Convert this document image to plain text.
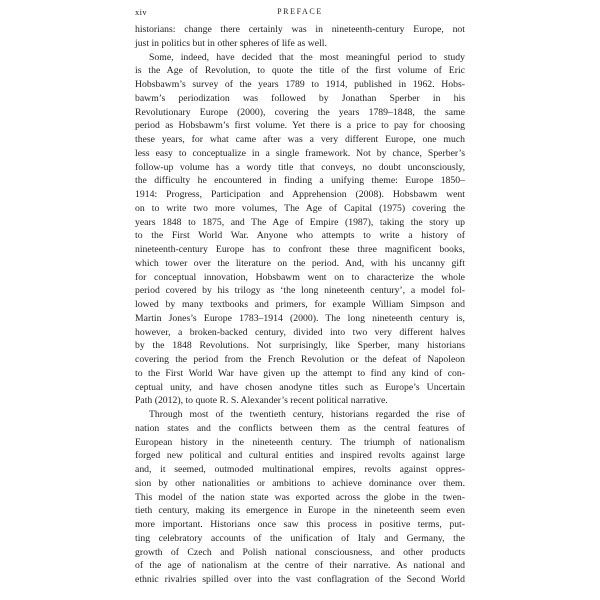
xiv	PREFACE
historians: change there certainly was in nineteenth-century Europe, not
just in politics but in other spheres of life as well.
Some, indeed, have decided that the most meaningful period to study
is the Age of Revolution, to quote the title of the first volume of Eric
Hobsbawm’s survey of the years 1789 to 1914, published in 1962. Hobs-
bawm’s periodization was followed by Jonathan Sperber in his
Revolutionary Europe (2000), covering the years 1789–1848, the same
period as Hobsbawm’s first volume. Yet there is a price to pay for choosing
these years, for what came after was a very different Europe, one much
less easy to conceptualize in a single framework. Not by chance, Sperber’s
follow-up volume has a wordy title that conveys, no doubt unconsciously,
the difficulty he encountered in finding a unifying theme: Europe 1850–
1914: Progress, Participation and Apprehension (2008). Hobsbawm went
on to write two more volumes, The Age of Capital (1975) covering the
years 1848 to 1875, and The Age of Empire (1987), taking the story up
to the First World War. Anyone who attempts to write a history of
nineteenth-century Europe has to confront these three magnificent books,
which tower over the literature on the period. And, with his uncanny gift
for conceptual innovation, Hobsbawm went on to characterize the whole
period covered by his trilogy as ‘the long nineteenth century’, a model fol-
lowed by many textbooks and primers, for example William Simpson and
Martin Jones’s Europe 1783–1914 (2000). The long nineteenth century is,
however, a broken-backed century, divided into two very different halves
by the 1848 Revolutions. Not surprisingly, like Sperber, many historians
covering the period from the French Revolution or the defeat of Napoleon
to the First World War have given up the attempt to find any kind of con-
ceptual unity, and have chosen anodyne titles such as Europe’s Uncertain
Path (2012), to quote R. S. Alexander’s recent political narrative.
Through most of the twentieth century, historians regarded the rise of
nation states and the conflicts between them as the central features of
European history in the nineteenth century. The triumph of nationalism
forged new political and cultural entities and inspired revolts against large
and, it seemed, outmoded multinational empires, revolts against oppres-
sion by other nationalities or ambitions to achieve dominance over them.
This model of the nation state was exported across the globe in the twen-
tieth century, making its emergence in Europe in the nineteenth seem even
more important. Historians once saw this process in positive terms, put-
ting celebratory accounts of the unification of Italy and Germany, the
growth of Czech and Polish national consciousness, and other products
of the age of nationalism at the centre of their narrative. As national and
ethnic rivalries spilled over into the vast conflagration of the Second World
